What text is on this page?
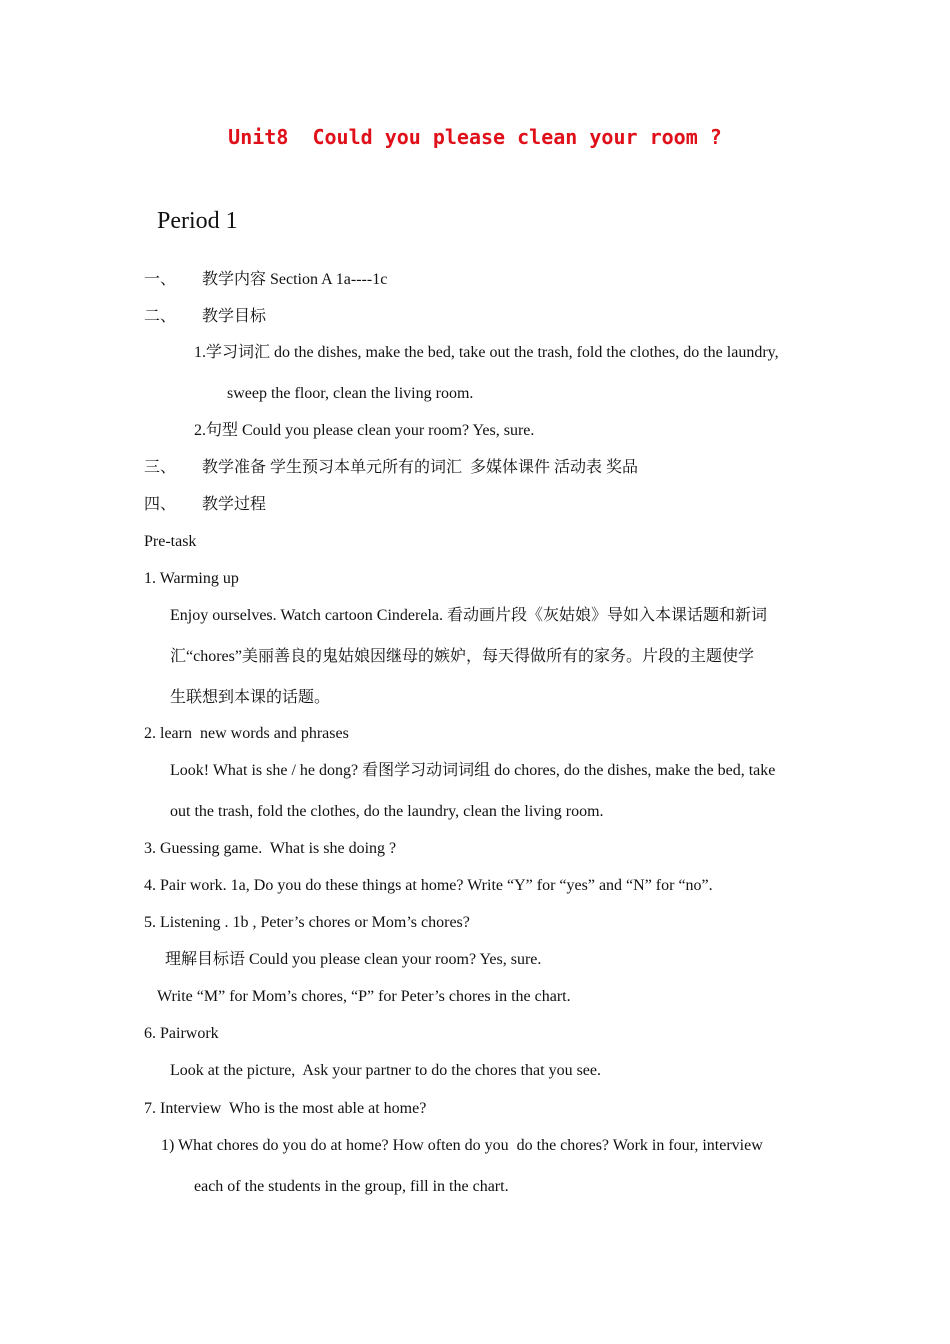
Unit8  Could you please clean your room ?
Period 1
一、 教学内容 Section A 1a----1c
二、 教学目标
1.学习词汇 do the dishes, make the bed, take out the trash, fold the clothes, do the laundry,
sweep the floor, clean the living room.
2.句型 Could you please clean your room? Yes, sure.
三、 教学准备 学生预习本单元所有的词汇  多媒体课件 活动表 奖品
四、 教学过程
Pre-task
1. Warming up
Enjoy ourselves. Watch cartoon Cinderela. 看动画片段《灰姑娘》导如入本课话题和新词
汇“chores”美丽善良的鬼姑娘因继母的嫉妒，每天得做所有的家务。片段的主题使学
生联想到本课的话题。
2. learn  new words and phrases
Look! What is she / he dong? 看图学习动词词组 do chores, do the dishes, make the bed, take
out the trash, fold the clothes, do the laundry, clean the living room.
3. Guessing game.  What is she doing ?
4. Pair work. 1a, Do you do these things at home? Write “Y” for “yes” and “N” for “no”.
5. Listening . 1b , Peter’s chores or Mom’s chores?
理解目标语 Could you please clean your room? Yes, sure.
Write “M” for Mom’s chores, “P” for Peter’s chores in the chart.
6. Pairwork
Look at the picture,  Ask your partner to do the chores that you see.
7. Interview  Who is the most able at home?
1) What chores do you do at home? How often do you  do the chores? Work in four, interview
each of the students in the group, fill in the chart.
